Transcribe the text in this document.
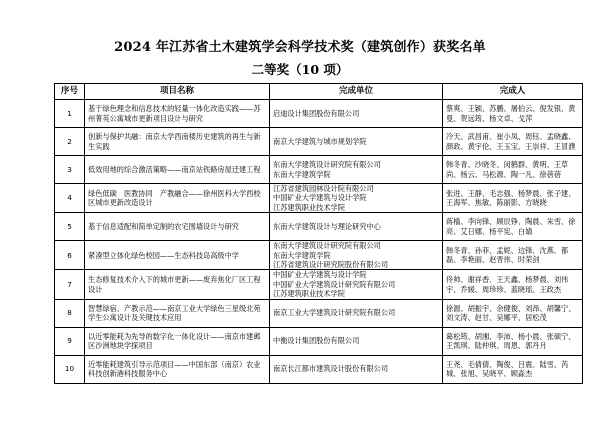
2024 年江苏省土木建筑学会科学技术奖（建筑创作）获奖名单
二等奖（10 项）
序号	项目名称	完成单位	完成人
1	基于绿色理念和信息技术的轻量一体化改造实践——苏州菁英公寓城市更新项目设计与研究	启迪设计集团股份有限公司	蔡爽、王颖、苏鹏、屠伯云、倪发银、黄曼、贺远筠、杨文卓、戈萍
2	创新与保护共融：南京大学西南楼历史建筑的再生与新生实践	南京大学建筑与城市规划学院	冷天、武昌甫、崔小凤、周钰、孟晓鑫、颜政、黄宇伦、王玉宝、王崇祥、王冒濮
3	低效用地的综合激活策略——南京站铁路房屋迁建工程	东南大学建筑设计研究院有限公司
东南大学建筑学院	韩冬青、沙晓冬、闵鹤群、黄明、王草尚、杨云、马松源、陶一凡、徐蓓蓓
4	绿色低碳　医教协同　产教融合——徐州医科大学西校区城市更新改造设计	江苏省建筑园林设计院有限公司
中国矿业大学建筑与设计学院
江苏建筑职业技术学院	张进、王静、毛志强、杨梦晨、张子建、王海军、焦敏、陈丽影、方晓晓
5	基于信息适配和简单定制的农宅围墙设计与研究	东南大学建筑设计与理论研究中心	蒋樯、李向锋、顾辰铮、陶晨、朱雪、徐亮、艾日娜、杨平宪、白婧
6	紧凑型立体化绿色校园——生态科技岛高级中学	东南大学建筑设计研究院有限公司
东南大学建筑学院
江苏省建筑设计研究院股份有限公司	韩冬青、孙菲、孟妮、边锋、沈燕、都磊、李艳丽、赵晋伟、时荣剑
7	生态修复技术介入下的城市更新——废弃焦化厂区工程设计	中国矿业大学建筑与设计学院
中国矿业大学建筑设计研究院有限公司
江苏建筑职业技术学院	佟帅、谢祥香、王天鑫、杨梦晨、刘伟宇、乔媛、周珍珍、蓝晓瑶、王政杰
8	智慧绿宿、产教示范——南京工业大学绿色三星级北苑学生公寓设计及关键技术应用	南京工业大学建筑设计研究院有限公司	徐源、胡振宇、余健俊、刘昂、胡馨宁、刘文涛、赵甘、吴娜平、居松茂
9	以近零能耗为先导的数字化一体化设计——南京市建邺区沙洲地块学探项目	中衡设计集团股份有限公司	葛松筠、胡湘、李沛、杨小晨、张硕宁、王凯琪、陆仲琪、周恩、郭丹月
10	近零能耗建筑引导示范项目——中国东部（南京）农业科技创新港科技服务中心	南京长江都市建筑设计股份有限公司	王尧、毛倩倩、陶俊、吕震、陆雪、芮城、张旭、吴晓平、顾淼杰
